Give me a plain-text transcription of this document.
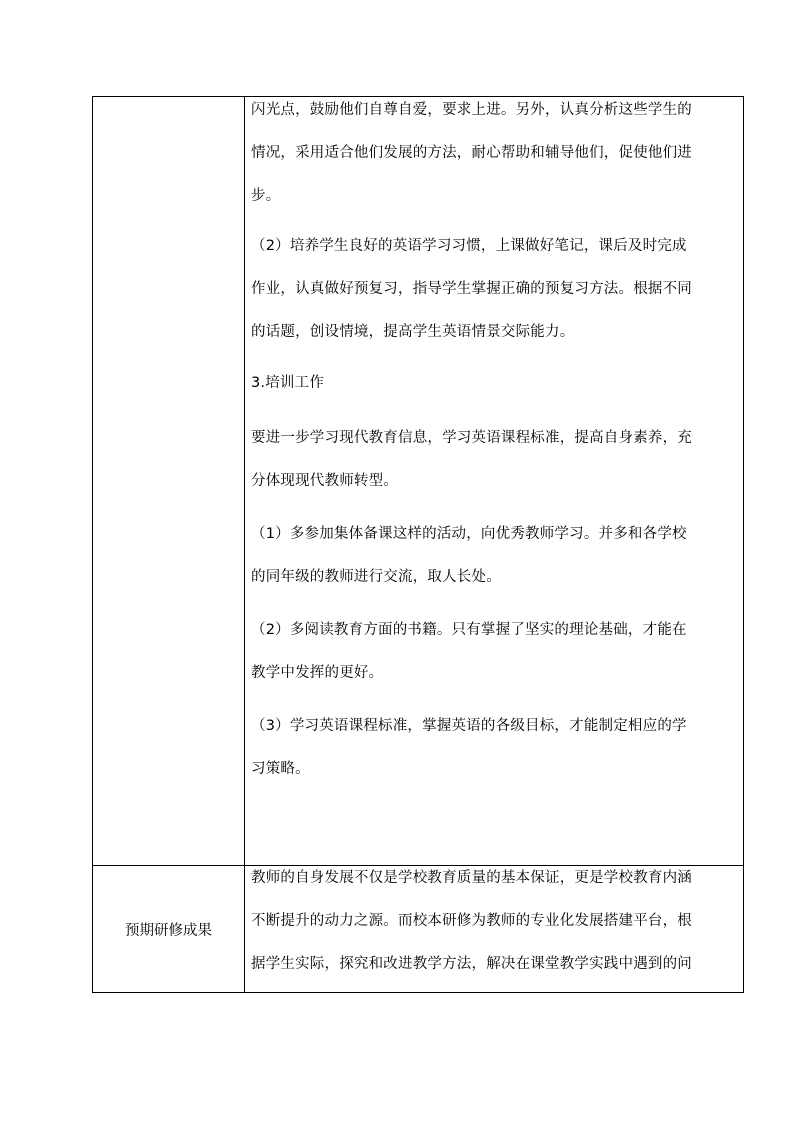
闪光点，鼓励他们自尊自爱，要求上进。另外，认真分析这些学生的
情况，采用适合他们发展的方法，耐心帮助和辅导他们，促使他们进
步。
（2）培养学生良好的英语学习习惯，上课做好笔记，课后及时完成
作业，认真做好预复习，指导学生掌握正确的预复习方法。根据不同
的话题，创设情境，提高学生英语情景交际能力。
3.培训工作
要进一步学习现代教育信息，学习英语课程标准，提高自身素养，充
分体现现代教师转型。
（1）多参加集体备课这样的活动，向优秀教师学习。并多和各学校
的同年级的教师进行交流，取人长处。
（2）多阅读教育方面的书籍。只有掌握了坚实的理论基础，才能在
教学中发挥的更好。
（3）学习英语课程标准，掌握英语的各级目标，才能制定相应的学
习策略。
预期研修成果
教师的自身发展不仅是学校教育质量的基本保证，更是学校教育内涵
不断提升的动力之源。而校本研修为教师的专业化发展搭建平台，根
据学生实际，探究和改进教学方法，解决在课堂教学实践中遇到的问
